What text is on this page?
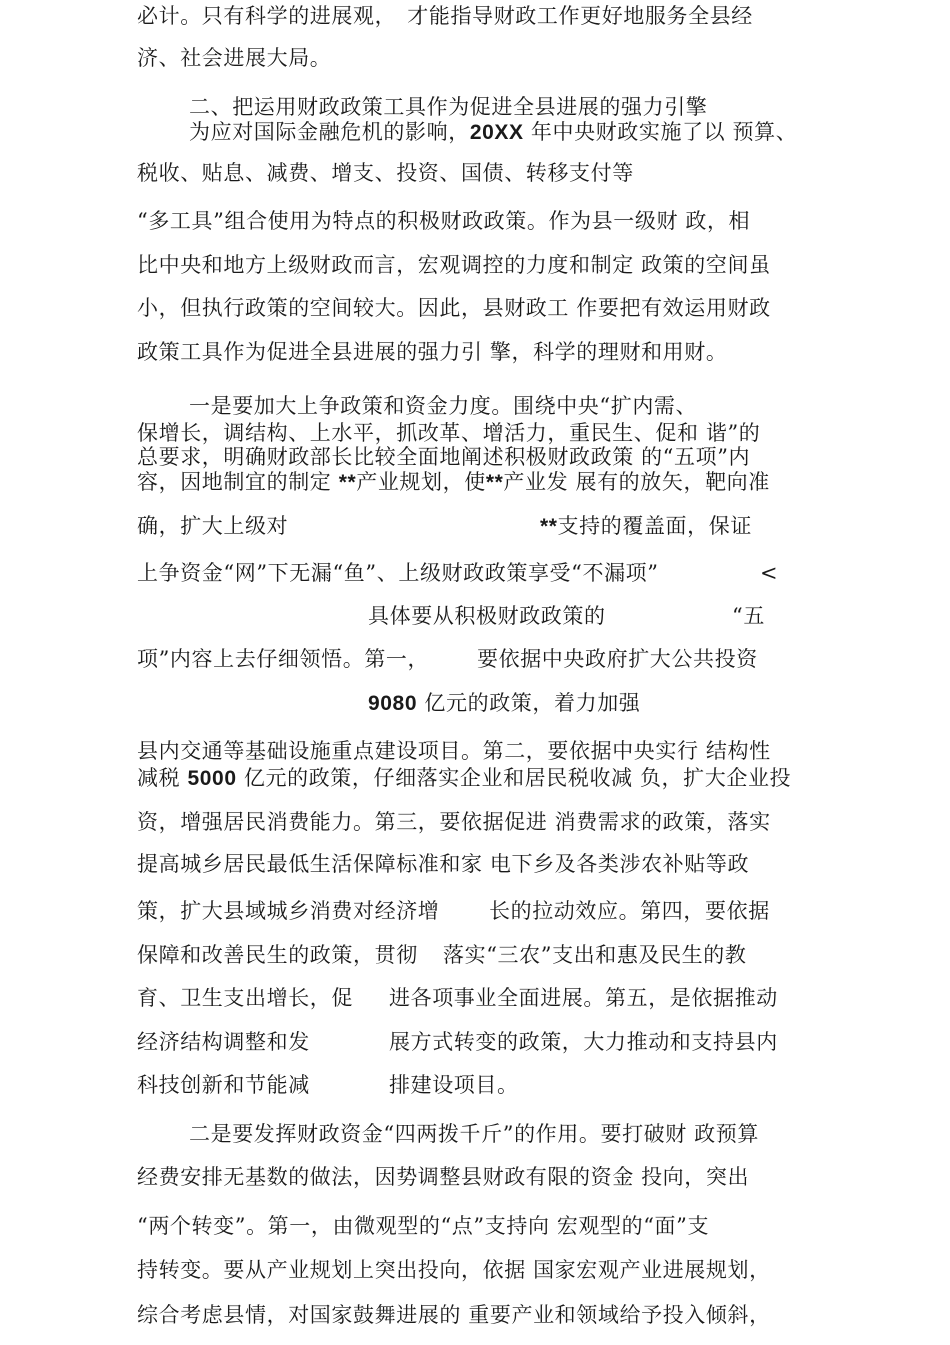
必计。只有科学的进展观，　才能指导财政工作更好地服务全县经
济、社会进展大局。
二、把运用财政政策工具作为促进全县进展的强力引擎
为应对国际金融危机的影响，20XX 年中央财政实施了以 预算、
税收、贴息、减费、增支、投资、国债、转移支付等
“多工具”组合使用为特点的积极财政政策。作为县一级财 政，相
比中央和地方上级财政而言，宏观调控的力度和制定 政策的空间虽
小，但执行政策的空间较大。因此，县财政工 作要把有效运用财政
政策工具作为促进全县进展的强力引 擎，科学的理财和用财。
一是要加大上争政策和资金力度。围绕中央“扩内需、
保增长，调结构、上水平，抓改革、增活力，重民生、促和 谐”的
总要求，明确财政部长比较全面地阐述积极财政政策 的“五项”内
容，因地制宜的制定 **产业规划，使**产业发 展有的放矢，靶向准
确，扩大上级对	**支持的覆盖面，保证
上争资金“网”下无漏“鱼”、上级财政政策享受“不漏项”	<
具体要从积极财政政策的	“五
项”内容上去仔细领悟。第一， 要依据中央政府扩大公共投资
9080 亿元的政策，着力加强
县内交通等基础设施重点建设项目。第二，要依据中央实行 结构性
减税 5000 亿元的政策，仔细落实企业和居民税收减 负，扩大企业投
资，增强居民消费能力。第三，要依据促进 消费需求的政策，落实
提高城乡居民最低生活保障标准和家 电下乡及各类涉农补贴等政
策，扩大县域城乡消费对经济增 长的拉动效应。第四，要依据
保障和改善民生的政策，贯彻 落实“三农”支出和惠及民生的教
育、卫生支出增长，促 进各项事业全面进展。第五，是依据推动
经济结构调整和发	展方式转变的政策，大力推动和支持县内
科技创新和节能减	排建设项目。
二是要发挥财政资金“四两拨千斤”的作用。要打破财 政预算
经费安排无基数的做法，因势调整县财政有限的资金 投向，突出
“两个转变”。第一，由微观型的“点”支持向 宏观型的“面”支
持转变。要从产业规划上突出投向，依据 国家宏观产业进展规划，
综合考虑县情，对国家鼓舞进展的 重要产业和领域给予投入倾斜，
